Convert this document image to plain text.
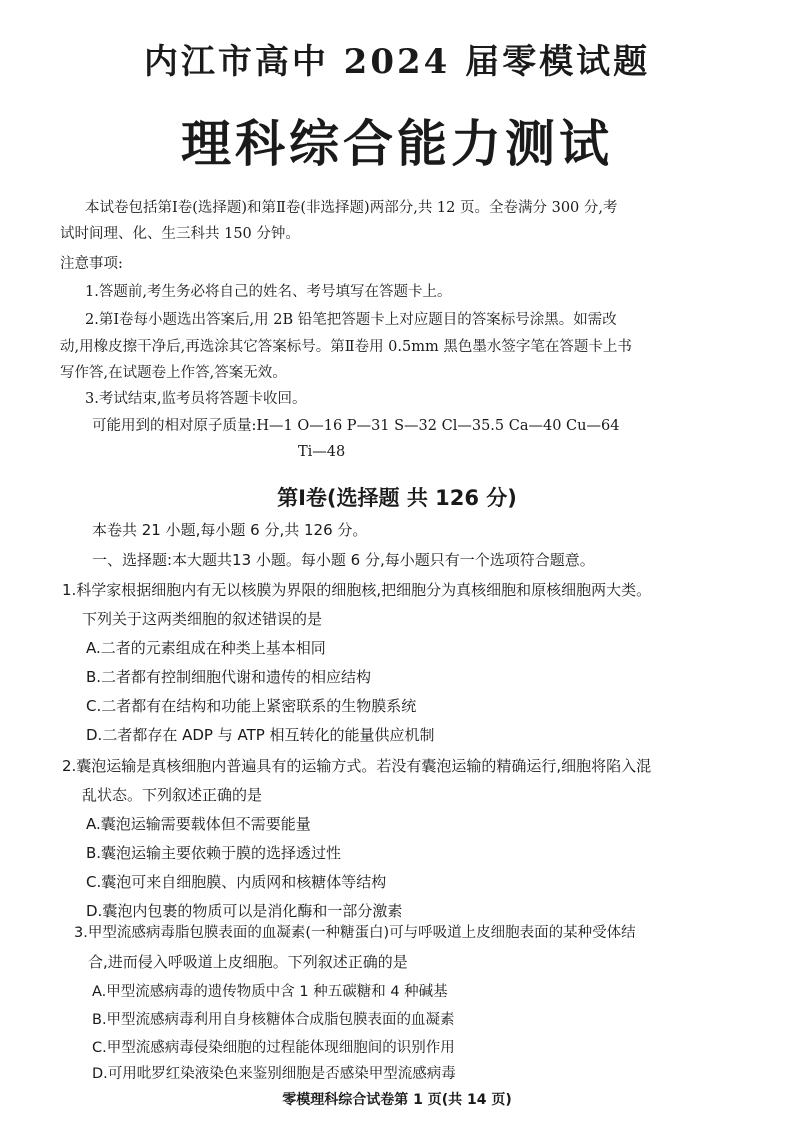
内江市高中 2024 届零模试题
理科综合能力测试
本试卷包括第Ⅰ卷(选择题)和第Ⅱ卷(非选择题)两部分,共 12 页。全卷满分 300 分,考
试时间理、化、生三科共 150 分钟。
注意事项:
1.答题前,考生务必将自己的姓名、考号填写在答题卡上。
2.第Ⅰ卷每小题选出答案后,用 2B 铅笔把答题卡上对应题目的答案标号涂黑。如需改
动,用橡皮擦干净后,再选涂其它答案标号。第Ⅱ卷用 0.5mm 黑色墨水签字笔在答题卡上书
写作答,在试题卷上作答,答案无效。
3.考试结束,监考员将答题卡收回。
可能用到的相对原子质量:H—1 O—16 P—31 S—32 Cl—35.5 Ca—40 Cu—64
Ti—48
第Ⅰ卷(选择题 共 126 分)
本卷共 21 小题,每小题 6 分,共 126 分。
一、选择题:本大题共13 小题。每小题 6 分,每小题只有一个选项符合题意。
1.科学家根据细胞内有无以核膜为界限的细胞核,把细胞分为真核细胞和原核细胞两大类。
下列关于这两类细胞的叙述错误的是
A.二者的元素组成在种类上基本相同
B.二者都有控制细胞代谢和遗传的相应结构
C.二者都有在结构和功能上紧密联系的生物膜系统
D.二者都存在 ADP 与 ATP 相互转化的能量供应机制
2.囊泡运输是真核细胞内普遍具有的运输方式。若没有囊泡运输的精确运行,细胞将陷入混
乱状态。下列叙述正确的是
A.囊泡运输需要载体但不需要能量
B.囊泡运输主要依赖于膜的选择透过性
C.囊泡可来自细胞膜、内质网和核糖体等结构
D.囊泡内包裹的物质可以是消化酶和一部分激素
3.甲型流感病毒脂包膜表面的血凝素(一种糖蛋白)可与呼吸道上皮细胞表面的某种受体结
合,进而侵入呼吸道上皮细胞。下列叙述正确的是
A.甲型流感病毒的遗传物质中含 1 种五碳糖和 4 种碱基
B.甲型流感病毒利用自身核糖体合成脂包膜表面的血凝素
C.甲型流感病毒侵染细胞的过程能体现细胞间的识别作用
D.可用吡罗红染液染色来鉴别细胞是否感染甲型流感病毒
零模理科综合试卷第 1 页(共 14 页)
